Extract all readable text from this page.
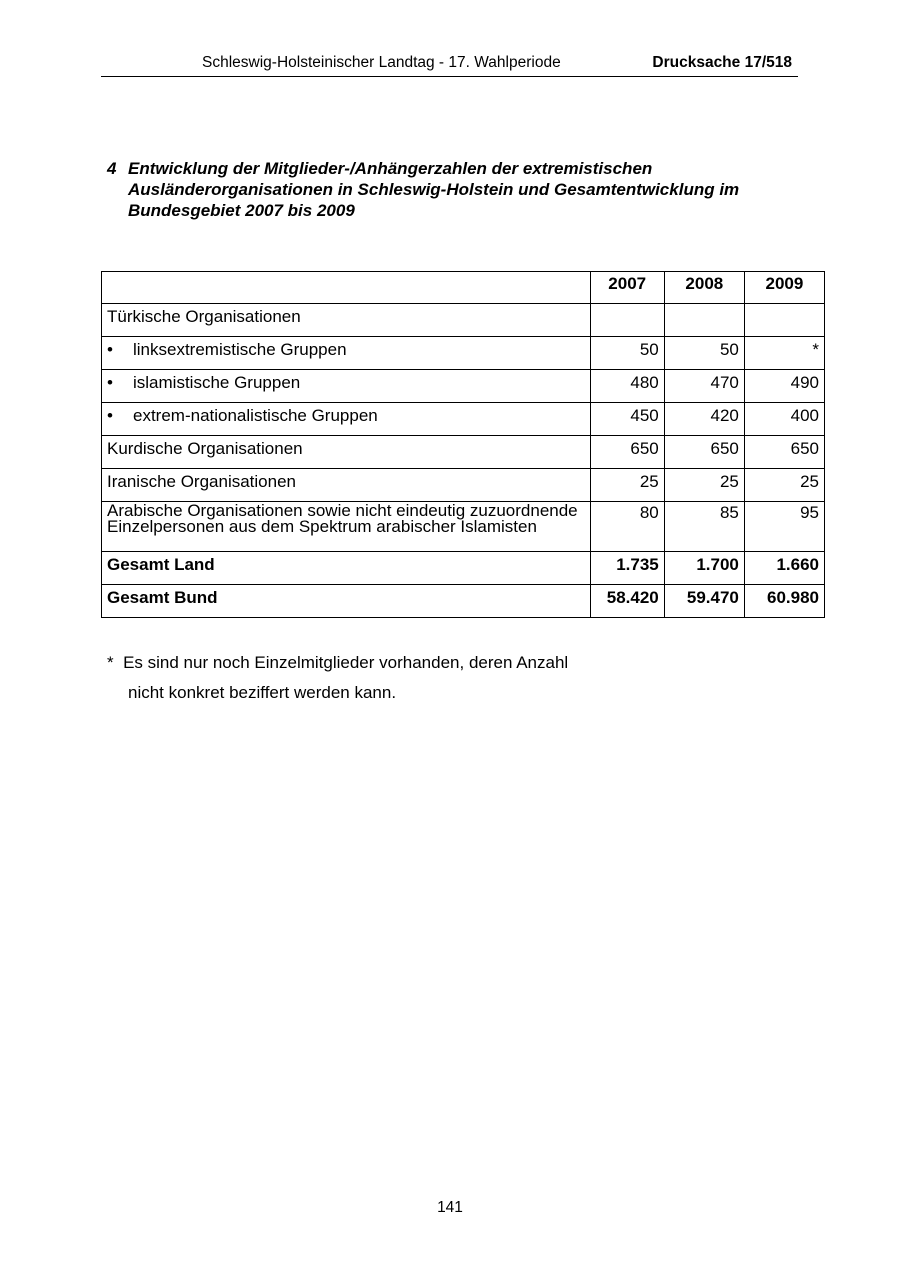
Schleswig-Holsteinischer Landtag - 17. Wahlperiode	Drucksache 17/518
4 Entwicklung der Mitglieder-/Anhängerzahlen der extremistischen Ausländerorganisationen in Schleswig-Holstein und Gesamtentwicklung im Bundesgebiet 2007 bis 2009
	2007	2008	2009
Türkische Organisationen			
• linksextremistische Gruppen	50	50	*
• islamistische Gruppen	480	470	490
• extrem-nationalistische Gruppen	450	420	400
Kurdische Organisationen	650	650	650
Iranische Organisationen	25	25	25
Arabische Organisationen sowie nicht eindeutig zuzuordnende Einzelpersonen aus dem Spektrum arabischer Islamisten	80	85	95
Gesamt Land	1.735	1.700	1.660
Gesamt Bund	58.420	59.470	60.980
* Es sind nur noch Einzelmitglieder vorhanden, deren Anzahl
nicht konkret beziffert werden kann.
141
